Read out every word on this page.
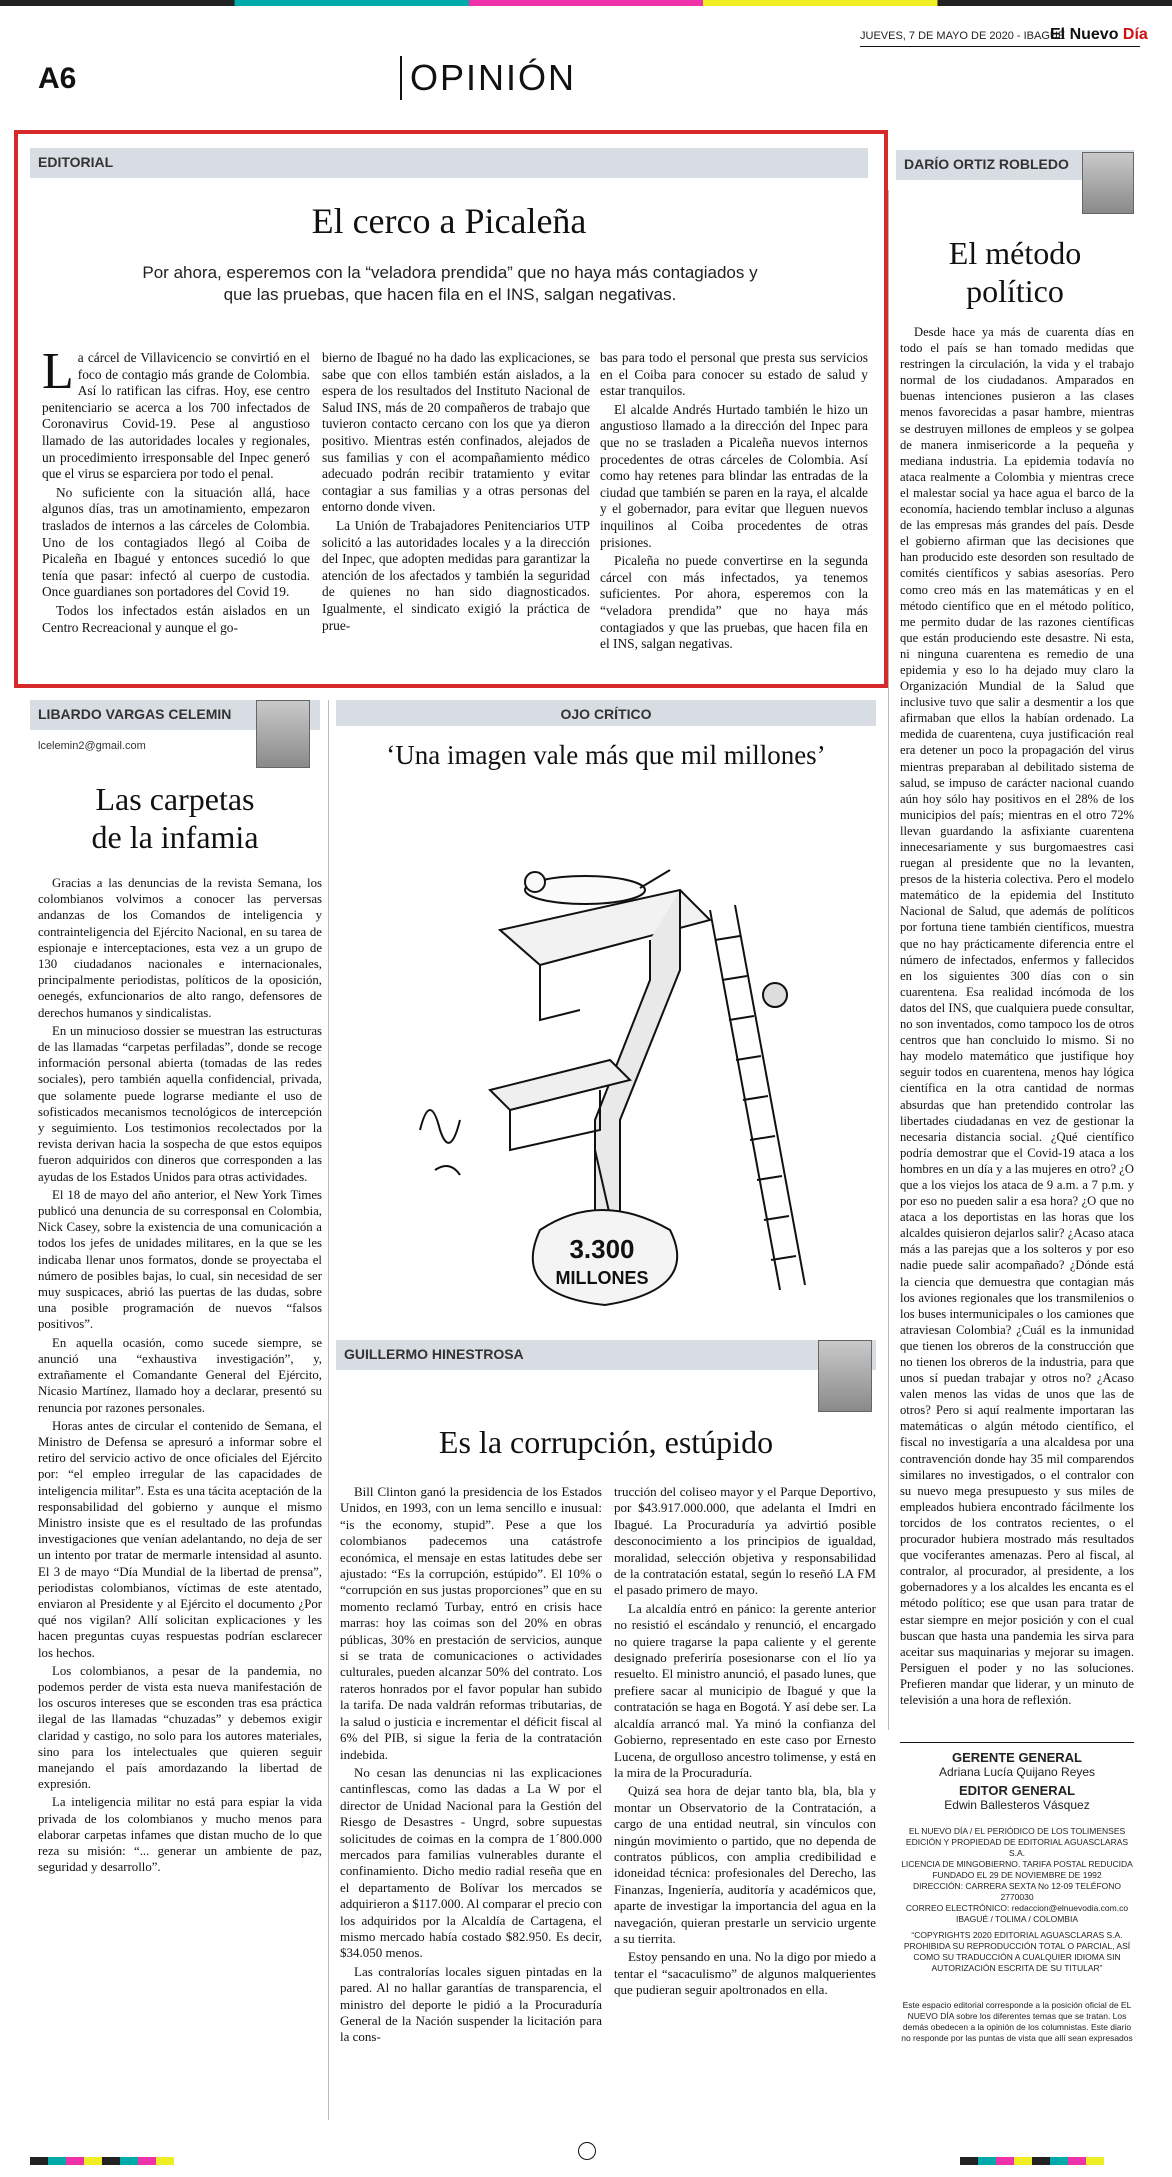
JUEVES, 7 DE MAYO DE 2020 - IBAGUÉ
El Nuevo Día
A6	OPINIÓN
EDITORIAL
El cerco a Picaleña
Por ahora, esperemos con la “veladora prendida” que no haya más contagiados y que las pruebas, que hacen fila en el INS, salgan negativas.

La cárcel de Villavicencio se convirtió en el foco de contagio más grande de Colombia. Así lo ratifican las cifras. Hoy, ese centro penitenciario se acerca a los 700 infectados de Coronavirus Covid-19. Pese al angustioso llamado de las autoridades locales y regionales, un procedimiento irresponsable del Inpec generó que el virus se esparciera por todo el penal.

No suficiente con la situación allá, hace algunos días, tras un amotinamiento, empezaron traslados de internos a las cárceles de Colombia. Uno de los contagiados llegó al Coiba de Picaleña en Ibagué y entonces sucedió lo que tenía que pasar: infectó al cuerpo de custodia. Once guardianes son portadores del Covid 19.

Todos los infectados están aislados en un Centro Recreacional y aunque el go-

bierno de Ibagué no ha dado las explicaciones, se sabe que con ellos también están aislados, a la espera de los resultados del Instituto Nacional de Salud INS, más de 20 compañeros de trabajo que tuvieron contacto cercano con los que ya dieron positivo. Mientras estén confinados, alejados de sus familias y con el acompañamiento médico adecuado podrán recibir tratamiento y evitar contagiar a sus familias y a otras personas del entorno donde viven.

La Unión de Trabajadores Penitenciarios UTP solicitó a las autoridades locales y a la dirección del Inpec, que adopten medidas para garantizar la atención de los afectados y también la seguridad de quienes no han sido diagnosticados. Igualmente, el sindicato exigió la práctica de prue-

bas para todo el personal que presta sus servicios en el Coiba para conocer su estado de salud y estar tranquilos.

El alcalde Andrés Hurtado también le hizo un angustioso llamado a la dirección del Inpec para que no se trasladen a Picaleña nuevos internos procedentes de otras cárceles de Colombia. Así como hay retenes para blindar las entradas de la ciudad que también se paren en la raya, el alcalde y el gobernador, para evitar que lleguen nuevos inquilinos al Coiba procedentes de otras prisiones.

Picaleña no puede convertirse en la segunda cárcel con más infectados, ya tenemos suficientes. Por ahora, esperemos con la “veladora prendida” que no haya más contagiados y que las pruebas, que hacen fila en el INS, salgan negativas.

DARÍO ORTIZ ROBLEDO
El método
político

Desde hace ya más de cuarenta días en todo el país se han tomado medidas que restringen la circulación, la vida y el trabajo normal de los ciudadanos. Amparados en buenas intenciones pusieron a las clases menos favorecidas a pasar hambre, mientras se destruyen millones de empleos y se golpea de manera inmisericorde a la pequeña y mediana industria. La epidemia todavía no ataca realmente a Colombia y mientras crece el malestar social ya hace agua el barco de la economía, haciendo temblar incluso a algunas de las empresas más grandes del país. Desde el gobierno afirman que las decisiones que han producido este desorden son resultado de comités científicos y sabias asesorías. Pero como creo más en las matemáticas y en el método científico que en el método político, me permito dudar de las razones científicas que están produciendo este desastre. Ni esta, ni ninguna cuarentena es remedio de una epidemia y eso lo ha dejado muy claro la Organización Mundial de la Salud que inclusive tuvo que salir a desmentir a los que afirmaban que ellos la habían ordenado. La medida de cuarentena, cuya justificación real era detener un poco la propagación del virus mientras preparaban al debilitado sistema de salud, se impuso de carácter nacional cuando aún hoy sólo hay positivos en el 28% de los municipios del país; mientras en el otro 72% llevan guardando la asfixiante cuarentena innecesariamente y sus burgomaestres casi ruegan al presidente que no la levanten, presos de la histeria colectiva. Pero el modelo matemático de la epidemia del Instituto Nacional de Salud, que además de políticos por fortuna tiene también científicos, muestra que no hay prácticamente diferencia entre el número de infectados, enfermos y fallecidos en los siguientes 300 días con o sin cuarentena. Esa realidad incómoda de los datos del INS, que cualquiera puede consultar, no son inventados, como tampoco los de otros centros que han concluido lo mismo. Si no hay modelo matemático que justifique hoy seguir todos en cuarentena, menos hay lógica científica en la otra cantidad de normas absurdas que han pretendido controlar las libertades ciudadanas en vez de gestionar la necesaria distancia social. ¿Qué científico podría demostrar que el Covid-19 ataca a los hombres en un día y a las mujeres en otro? ¿O que a los viejos los ataca de 9 a.m. a 7 p.m. y por eso no pueden salir a esa hora? ¿O que no ataca a los deportistas en las horas que los alcaldes quisieron dejarlos salir? ¿Acaso ataca más a las parejas que a los solteros y por eso nadie puede salir acompañado? ¿Dónde está la ciencia que demuestra que contagian más los aviones regionales que los transmilenios o los buses intermunicipales o los camiones que atraviesan Colombia? ¿Cuál es la inmunidad que tienen los obreros de la construcción que no tienen los obreros de la industria, para que unos sí puedan trabajar y otros no? ¿Acaso valen menos las vidas de unos que las de otros? Pero si aquí realmente importaran las matemáticas o algún método científico, el fiscal no investigaría a una alcaldesa por una contravención donde hay 35 mil comparendos similares no investigados, o el contralor con su nuevo mega presupuesto y sus miles de empleados hubiera encontrado fácilmente los torcidos de los contratos recientes, o el procurador hubiera mostrado más resultados que vociferantes amenazas. Pero al fiscal, al contralor, al procurador, al presidente, a los gobernadores y a los alcaldes les encanta es el método político; ese que usan para tratar de estar siempre en mejor posición y con el cual buscan que hasta una pandemia les sirva para aceitar sus maquinarias y mejorar su imagen. Persiguen el poder y no las soluciones. Prefieren mandar que liderar, y un minuto de televisión a una hora de reflexión.

GERENTE GENERAL
Adriana Lucía Quijano Reyes
EDITOR GENERAL
Edwin Ballesteros Vásquez
EL NUEVO DÍA / EL PERIÓDICO DE LOS TOLIMENSES
EDICIÓN Y PROPIEDAD DE EDITORIAL AGUASCLARAS S.A.
LICENCIA DE MINGOBIERNO. TARIFA POSTAL REDUCIDA
FUNDADO EL 29 DE NOVIEMBRE DE 1992
DIRECCIÓN: CARRERA SEXTA No 12-09 TELÉFONO 2770030
CORREO ELECTRÓNICO: redaccion@elnuevodia.com.co
IBAGUÉ / TOLIMA / COLOMBIA
“COPYRIGHTS 2020 EDITORIAL AGUASCLARAS S.A. PROHIBIDA SU REPRODUCCIÓN TOTAL O PARCIAL, ASÍ COMO SU TRADUCCIÓN A CUALQUIER IDIOMA SIN AUTORIZACIÓN ESCRITA DE SU TITULAR”
Este espacio editorial corresponde a la posición oficial de EL NUEVO DÍA sobre los diferentes temas que se tratan. Los demás obedecen a la opinión de los columnistas. Este diario no responde por las puntas de vista que allí sean expresados
LIBARDO VARGAS CELEMIN
lcelemin2@gmail.com
Las carpetas
de la infamia

Gracias a las denuncias de la revista Semana, los colombianos volvimos a conocer las perversas andanzas de los Comandos de inteligencia y contrainteligencia del Ejército Nacional, en su tarea de espionaje e interceptaciones, esta vez a un grupo de 130 ciudadanos nacionales e internacionales, principalmente periodistas, políticos de la oposición, oenegés, exfuncionarios de alto rango, defensores de derechos humanos y sindicalistas.

En un minucioso dossier se muestran las estructuras de las llamadas “carpetas perfiladas”, donde se recoge información personal abierta (tomadas de las redes sociales), pero también aquella confidencial, privada, que solamente puede lograrse mediante el uso de sofisticados mecanismos tecnológicos de intercepción y seguimiento. Los testimonios recolectados por la revista derivan hacia la sospecha de que estos equipos fueron adquiridos con dineros que corresponden a las ayudas de los Estados Unidos para otras actividades.

El 18 de mayo del año anterior, el New York Times publicó una denuncia de su corresponsal en Colombia, Nick Casey, sobre la existencia de una comunicación a todos los jefes de unidades militares, en la que se les indicaba llenar unos formatos, donde se proyectaba el número de posibles bajas, lo cual, sin necesidad de ser muy suspicaces, abrió las puertas de las dudas, sobre una posible programación de nuevos “falsos positivos”.

En aquella ocasión, como sucede siempre, se anunció una “exhaustiva investigación”, y, extrañamente el Comandante General del Ejército, Nicasio Martínez, llamado hoy a declarar, presentó su renuncia por razones personales.

Horas antes de circular el contenido de Semana, el Ministro de Defensa se apresuró a informar sobre el retiro del servicio activo de once oficiales del Ejército por: “el empleo irregular de las capacidades de inteligencia militar”. Esta es una tácita aceptación de la responsabilidad del gobierno y aunque el mismo Ministro insiste que es el resultado de las profundas investigaciones que venían adelantando, no deja de ser un intento por tratar de mermarle intensidad al asunto. El 3 de mayo “Día Mundial de la libertad de prensa”, periodistas colombianos, víctimas de este atentado, enviaron al Presidente y al Ejército el documento ¿Por qué nos vigilan? Allí solicitan explicaciones y les hacen preguntas cuyas respuestas podrían esclarecer los hechos.

Los colombianos, a pesar de la pandemia, no podemos perder de vista esta nueva manifestación de los oscuros intereses que se esconden tras esa práctica ilegal de las llamadas “chuzadas” y debemos exigir claridad y castigo, no solo para los autores materiales, sino para los intelectuales que quieren seguir manejando el país amordazando la libertad de expresión.

La inteligencia militar no está para espiar la vida privada de los colombianos y mucho menos para elaborar carpetas infames que distan mucho de lo que reza su misión: “... generar un ambiente de paz, seguridad y desarrollo”.

OJO CRÍTICO
‘Una imagen vale más que mil millones’
3.300
MILLONES
GUILLERMO HINESTROSA
Es la corrupción, estúpido

Bill Clinton ganó la presidencia de los Estados Unidos, en 1993, con un lema sencillo e inusual: “is the economy, stupid”. Pese a que los colombianos padecemos una catástrofe económica, el mensaje en estas latitudes debe ser ajustado: “Es la corrupción, estúpido”. El 10% o “corrupción en sus justas proporciones” que en su momento reclamó Turbay, entró en crisis hace marras: hoy las coimas son del 20% en obras públicas, 30% en prestación de servicios, aunque si se trata de comunicaciones o actividades culturales, pueden alcanzar 50% del contrato. Los rateros honrados por el favor popular han subido la tarifa. De nada valdrán reformas tributarias, de la salud o justicia e incrementar el déficit fiscal al 6% del PIB, si sigue la feria de la contratación indebida.

No cesan las denuncias ni las explicaciones cantinflescas, como las dadas a La W por el director de Unidad Nacional para la Gestión del Riesgo de Desastres - Ungrd, sobre supuestas solicitudes de coimas en la compra de 1´800.000 mercados para familias vulnerables durante el confinamiento. Dicho medio radial reseña que en el departamento de Bolívar los mercados se adquirieron a $117.000. Al comparar el precio con los adquiridos por la Alcaldía de Cartagena, el mismo mercado había costado $82.950. Es decir, $34.050 menos.

Las contralorías locales siguen pintadas en la pared. Al no hallar garantías de transparencia, el ministro del deporte le pidió a la Procuraduría General de la Nación suspender la licitación para la cons-

trucción del coliseo mayor y el Parque Deportivo, por $43.917.000.000, que adelanta el Imdri en Ibagué. La Procuraduría ya advirtió posible desconocimiento a los principios de igualdad, moralidad, selección objetiva y responsabilidad de la contratación estatal, según lo reseñó LA FM el pasado primero de mayo.

La alcaldía entró en pánico: la gerente anterior no resistió el escándalo y renunció, el encargado no quiere tragarse la papa caliente y el gerente designado preferiría posesionarse con el lío ya resuelto. El ministro anunció, el pasado lunes, que prefiere sacar al municipio de Ibagué y que la contratación se haga en Bogotá. Y así debe ser. La alcaldía arrancó mal. Ya minó la confianza del Gobierno, representado en este caso por Ernesto Lucena, de orgulloso ancestro tolimense, y está en la mira de la Procuraduría.

Quizá sea hora de dejar tanto bla, bla, bla y montar un Observatorio de la Contratación, a cargo de una entidad neutral, sin vínculos con ningún movimiento o partido, que no dependa de contratos públicos, con amplia credibilidad e idoneidad técnica: profesionales del Derecho, las Finanzas, Ingeniería, auditoría y académicos que, aparte de investigar la importancia del agua en la navegación, quieran prestarle un servicio urgente a su tierrita.

Estoy pensando en una. No la digo por miedo a tentar el “sacaculismo” de algunos malquerientes que pudieran seguir apoltronados en ella.
